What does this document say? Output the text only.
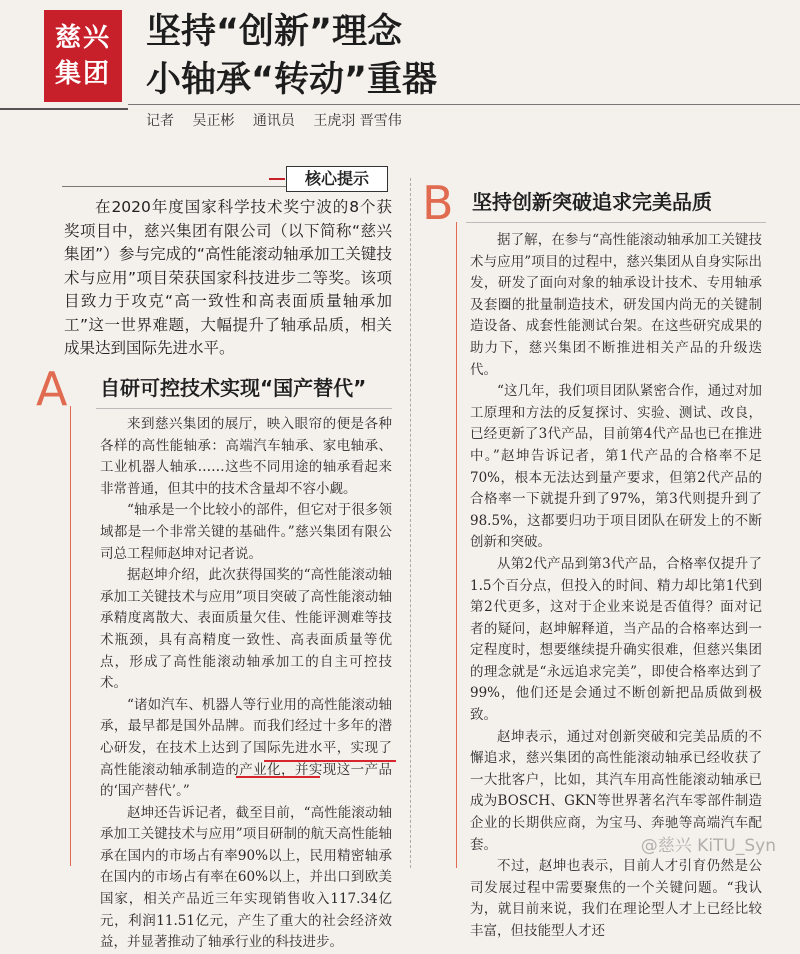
慈兴
集团
坚持“创新”理念
小轴承“转动”重器
记者 吴正彬 通讯员 王虎羽 晋雪伟
核心提示
在2020年度国家科学技术奖宁波的8个获奖项目中，慈兴集团有限公司（以下简称“慈兴集团”）参与完成的“高性能滚动轴承加工关键技术与应用”项目荣获国家科技进步二等奖。该项目致力于攻克“高一致性和高表面质量轴承加工”这一世界难题，大幅提升了轴承品质，相关成果达到国际先进水平。
A 自研可控技术实现“国产替代”

来到慈兴集团的展厅，映入眼帘的便是各种各样的高性能轴承：高端汽车轴承、家电轴承、工业机器人轴承……这些不同用途的轴承看起来非常普通，但其中的技术含量却不容小觑。

“轴承是一个比较小的部件，但它对于很多领域都是一个非常关键的基础件。”慈兴集团有限公司总工程师赵坤对记者说。

据赵坤介绍，此次获得国奖的“高性能滚动轴承加工关键技术与应用”项目突破了高性能滚动轴承精度离散大、表面质量欠佳、性能评测难等技术瓶颈，具有高精度一致性、高表面质量等优点，形成了高性能滚动轴承加工的自主可控技术。

“诸如汽车、机器人等行业用的高性能滚动轴承，最早都是国外品牌。而我们经过十多年的潜心研发，在技术上达到了国际先进水平，实现了高性能滚动轴承制造的产业化，并实现这一产品的‘国产替代’。”

赵坤还告诉记者，截至目前，“高性能滚动轴承加工关键技术与应用”项目研制的航天高性能轴承在国内的市场占有率90%以上，民用精密轴承在国内的市场占有率在60%以上，并出口到欧美国家，相关产品近三年实现销售收入117.34亿元，利润11.51亿元，产生了重大的社会经济效益，并显著推动了轴承行业的科技进步。

B 坚持创新突破追求完美品质

据了解，在参与“高性能滚动轴承加工关键技术与应用”项目的过程中，慈兴集团从自身实际出发，研发了面向对象的轴承设计技术、专用轴承及套圈的批量制造技术，研发国内尚无的关键制造设备、成套性能测试台架。在这些研究成果的助力下，慈兴集团不断推进相关产品的升级迭代。

“这几年，我们项目团队紧密合作，通过对加工原理和方法的反复探讨、实验、测试、改良，已经更新了3代产品，目前第4代产品也已在推进中。”赵坤告诉记者，第1代产品的合格率不足70%，根本无法达到量产要求，但第2代产品的合格率一下就提升到了97%，第3代则提升到了98.5%，这都要归功于项目团队在研发上的不断创新和突破。

从第2代产品到第3代产品，合格率仅提升了1.5个百分点，但投入的时间、精力却比第1代到第2代更多，这对于企业来说是否值得？面对记者的疑问，赵坤解释道，当产品的合格率达到一定程度时，想要继续提升确实很难，但慈兴集团的理念就是“永远追求完美”，即使合格率达到了99%，他们还是会通过不断创新把品质做到极致。

赵坤表示，通过对创新突破和完美品质的不懈追求，慈兴集团的高性能滚动轴承已经收获了一大批客户，比如，其汽车用高性能滚动轴承已成为BOSCH、GKN等世界著名汽车零部件制造企业的长期供应商，为宝马、奔驰等高端汽车配套。

不过，赵坤也表示，目前人才引育仍然是公司发展过程中需要聚焦的一个关键问题。“我认为，就目前来说，我们在理论型人才上已经比较丰富，但技能型人才还

@慈兴 KiTU_Syn
